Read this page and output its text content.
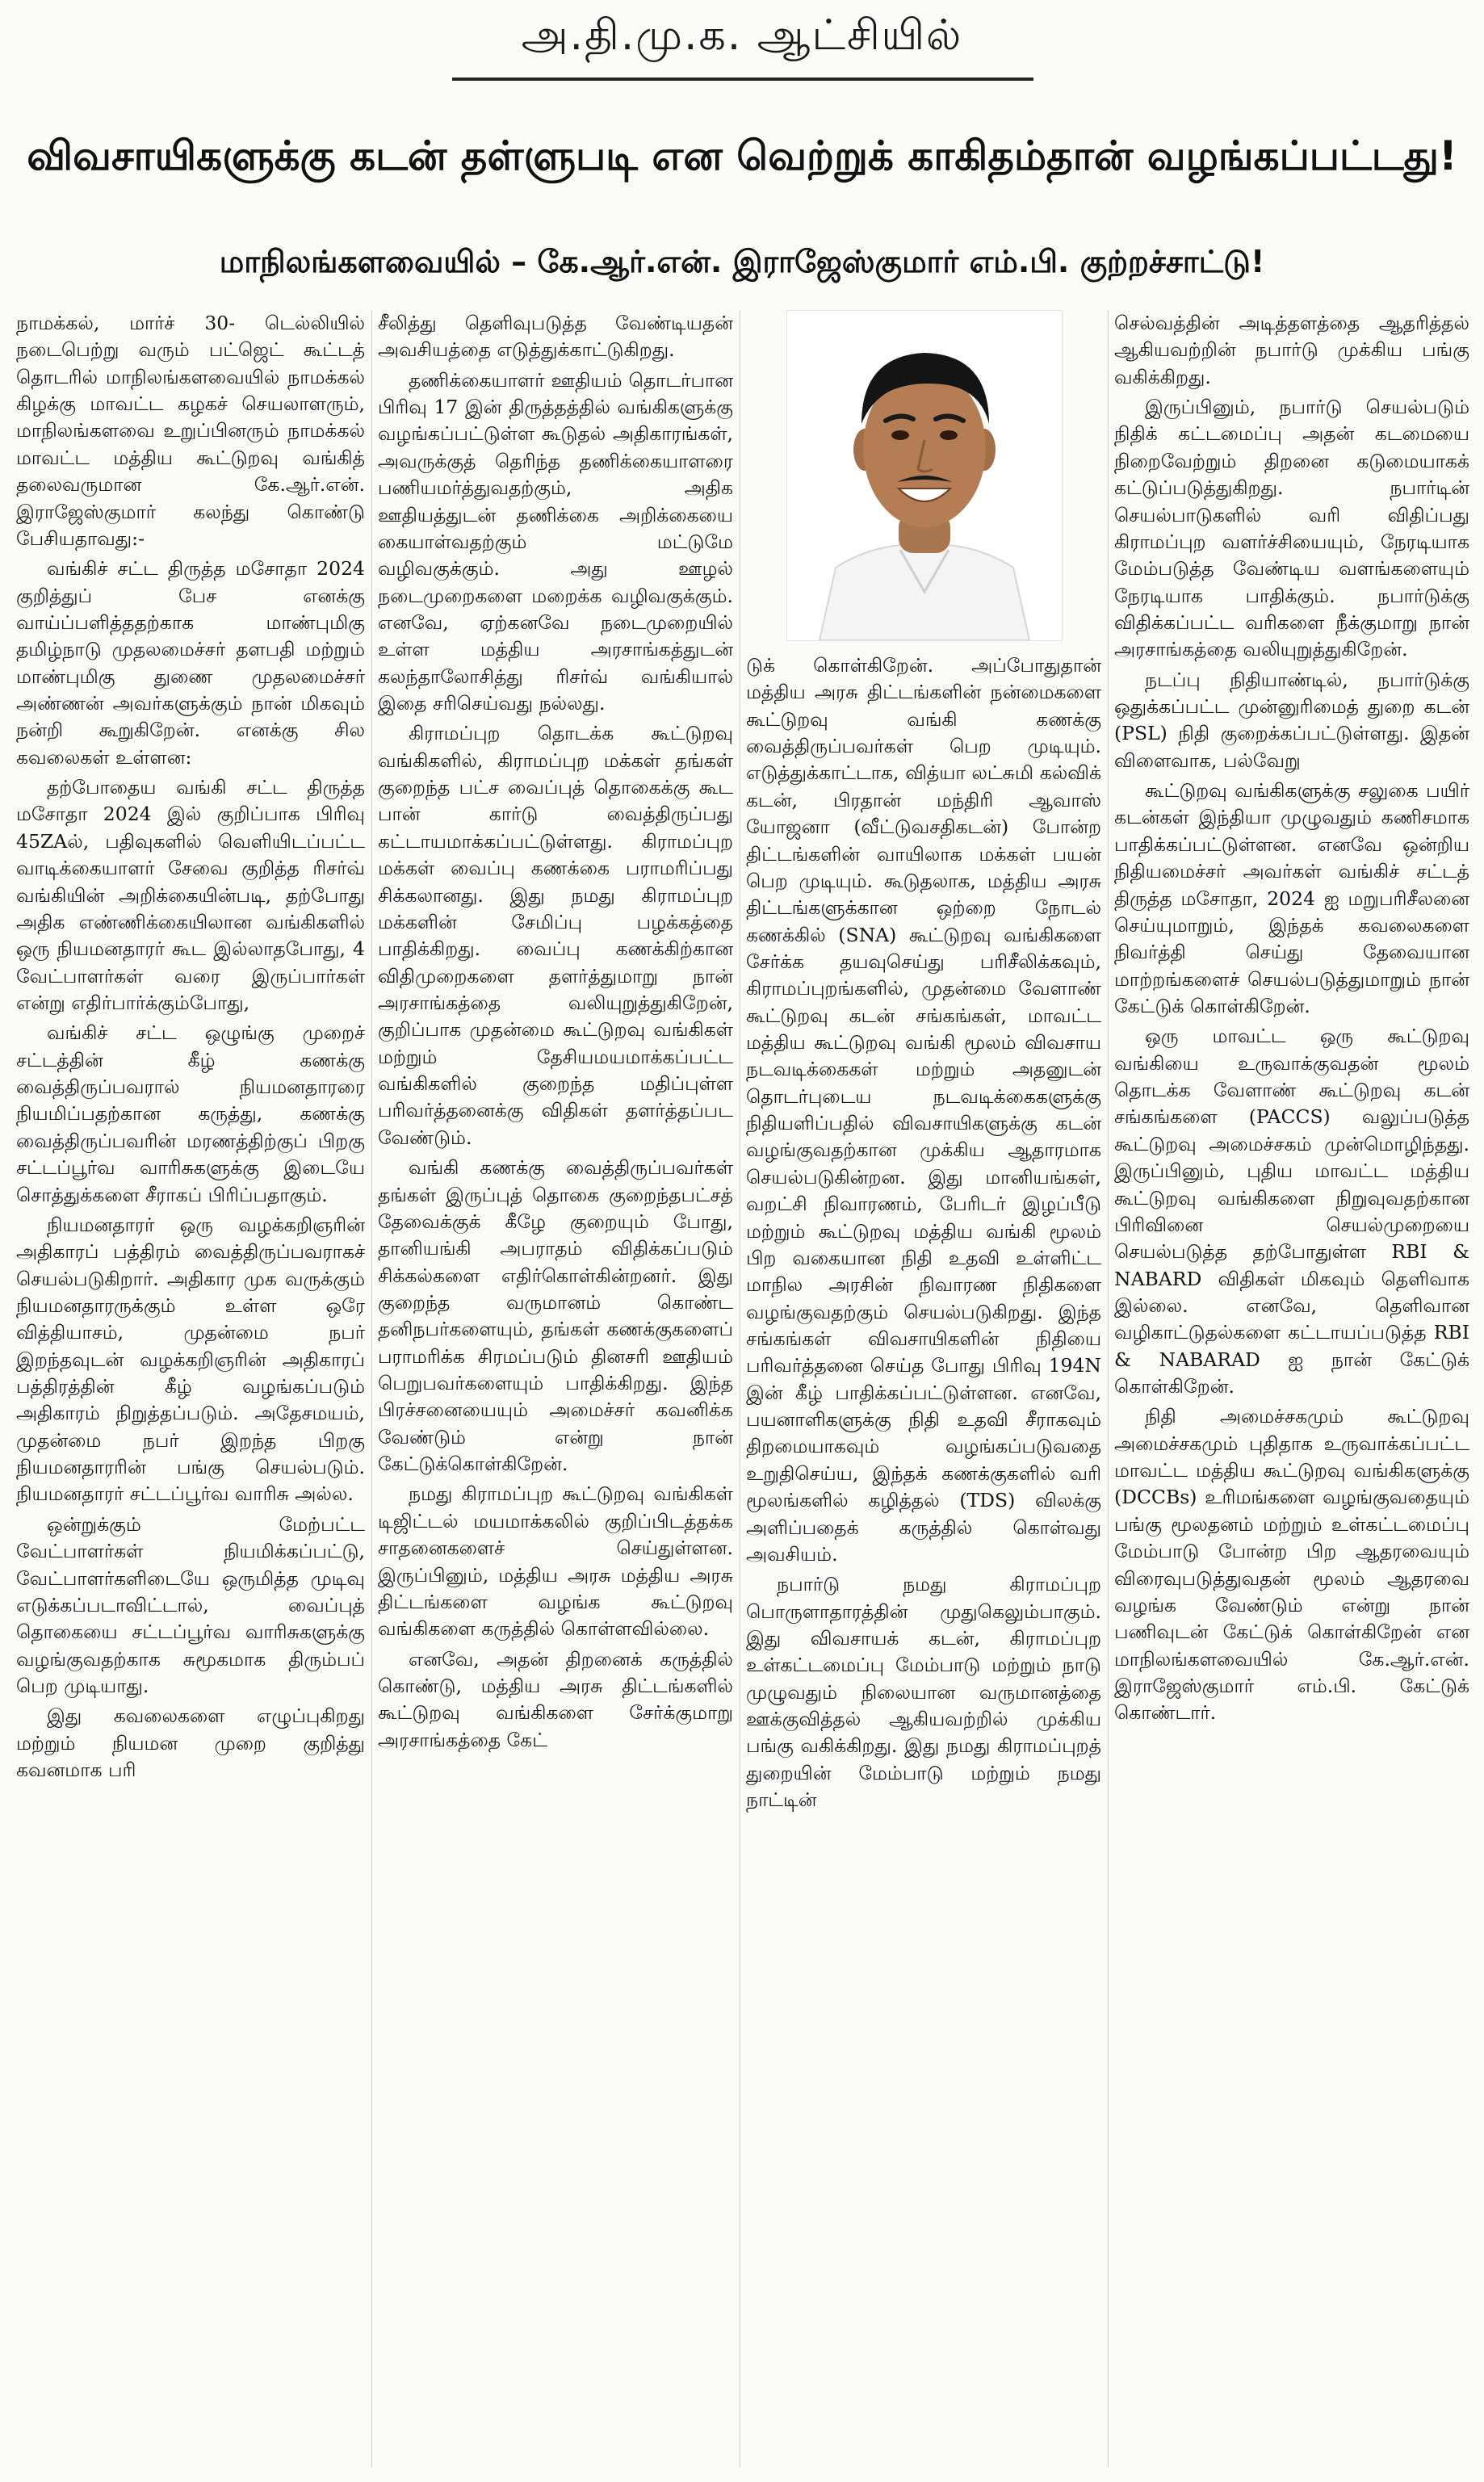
அ.தி.மு.க. ஆட்சியில்
விவசாயிகளுக்கு கடன் தள்ளுபடி என வெற்றுக் காகிதம்தான் வழங்கப்பட்டது!
மாநிலங்களவையில் – கே.ஆர்.என். இராஜேஸ்குமார் எம்.பி. குற்றச்சாட்டு!

நாமக்கல், மார்ச் 30- டெல்லியில் நடைபெற்று வரும் பட்ஜெட் கூட்டத் தொடரில் மாநிலங்களவையில் நாமக்கல் கிழக்கு மாவட்ட கழகச் செயலாளரும், மாநிலங்களவை உறுப்பினரும் நாமக்கல் மாவட்ட மத்திய கூட்டுறவு வங்கித் தலைவருமான கே.ஆர்.என். இராஜேஸ்குமார் கலந்து கொண்டு பேசியதாவது:-

வங்கிச் சட்ட திருத்த மசோதா 2024 குறித்துப் பேச எனக்கு வாய்ப்பளித்ததற்காக மாண்புமிகு தமிழ்நாடு முதலமைச்சர் தளபதி மற்றும் மாண்புமிகு துணை முதலமைச்சர் அண்ணன் அவர்களுக்கும் நான் மிகவும் நன்றி கூறுகிறேன். எனக்கு சில கவலைகள் உள்ளன:

தற்போதைய வங்கி சட்ட திருத்த மசோதா 2024 இல் குறிப்பாக பிரிவு 45ZAல், பதிவுகளில் வெளியிடப்பட்ட வாடிக்கையாளர் சேவை குறித்த ரிசர்வ் வங்கியின் அறிக்கையின்படி, தற்போது அதிக எண்ணிக்கையிலான வங்கிகளில் ஒரு நியமனதாரர் கூட இல்லாதபோது, 4 வேட்பாளர்கள் வரை இருப்பார்கள் என்று எதிர்பார்க்கும்போது,

வங்கிச் சட்ட ஒழுங்கு முறைச் சட்டத்தின் கீழ் கணக்கு வைத்திருப்பவரால் நியமனதாரரை நியமிப்பதற்கான கருத்து, கணக்கு வைத்திருப்பவரின் மரணத்திற்குப் பிறகு சட்டப்பூர்வ வாரிசுகளுக்கு இடையே சொத்துக்களை சீராகப் பிரிப்பதாகும்.

நியமனதாரர் ஒரு வழக்கறிஞரின் அதிகாரப் பத்திரம் வைத்திருப்பவராகச் செயல்படுகிறார். அதிகார முக வருக்கும் நியமனதாரருக்கும் உள்ள ஒரே வித்தியாசம், முதன்மை நபர் இறந்தவுடன் வழக்கறிஞரின் அதிகாரப் பத்திரத்தின் கீழ் வழங்கப்படும் அதிகாரம் நிறுத்தப்படும். அதேசமயம், முதன்மை நபர் இறந்த பிறகு நியமனதாரரின் பங்கு செயல்படும். நியமனதாரர் சட்டப்பூர்வ வாரிசு அல்ல.

ஒன்றுக்கும் மேற்பட்ட வேட்பாளர்கள் நியமிக்கப்பட்டு, வேட்பாளர்களிடையே ஒருமித்த முடிவு எடுக்கப்படாவிட்டால், வைப்புத் தொகையை சட்டப்பூர்வ வாரிசுகளுக்கு வழங்குவதற்காக சுமூகமாக திரும்பப் பெற முடியாது.

இது கவலைகளை எழுப்புகிறது மற்றும் நியமன முறை குறித்து கவனமாக பரி

சீலித்து தெளிவுபடுத்த வேண்டியதன் அவசியத்தை எடுத்துக்காட்டுகிறது.

தணிக்கையாளர் ஊதியம் தொடர்பான பிரிவு 17 இன் திருத்தத்தில் வங்கிகளுக்கு வழங்கப்பட்டுள்ள கூடுதல் அதிகாரங்கள், அவருக்குத் தெரிந்த தணிக்கையாளரை பணியமர்த்துவதற்கும், அதிக ஊதியத்துடன் தணிக்கை அறிக்கையை கையாள்வதற்கும் மட்டுமே வழிவகுக்கும். அது ஊழல் நடைமுறைகளை மறைக்க வழிவகுக்கும். எனவே, ஏற்கனவே நடைமுறையில் உள்ள மத்திய அரசாங்கத்துடன் கலந்தாலோசித்து ரிசர்வ் வங்கியால் இதை சரிசெய்வது நல்லது.

கிராமப்புற தொடக்க கூட்டுறவு வங்கிகளில், கிராமப்புற மக்கள் தங்கள் குறைந்த பட்ச வைப்புத் தொகைக்கு கூட பான் கார்டு வைத்திருப்பது கட்டாயமாக்கப்பட்டுள்ளது. கிராமப்புற மக்கள் வைப்பு கணக்கை பராமரிப்பது சிக்கலானது. இது நமது கிராமப்புற மக்களின் சேமிப்பு பழக்கத்தை பாதிக்கிறது. வைப்பு கணக்கிற்கான விதிமுறைகளை தளர்த்துமாறு நான் அரசாங்கத்தை வலியுறுத்துகிறேன், குறிப்பாக முதன்மை கூட்டுறவு வங்கிகள் மற்றும் தேசியமயமாக்கப்பட்ட வங்கிகளில் குறைந்த மதிப்புள்ள பரிவர்த்தனைக்கு விதிகள் தளர்த்தப்பட வேண்டும்.

வங்கி கணக்கு வைத்திருப்பவர்கள் தங்கள் இருப்புத் தொகை குறைந்தபட்சத் தேவைக்குக் கீழே குறையும் போது, தானியங்கி அபராதம் விதிக்கப்படும் சிக்கல்களை எதிர்கொள்கின்றனர். இது குறைந்த வருமானம் கொண்ட தனிநபர்களையும், தங்கள் கணக்குகளைப் பராமரிக்க சிரமப்படும் தினசரி ஊதியம் பெறுபவர்களையும் பாதிக்கிறது. இந்த பிரச்சனையையும் அமைச்சர் கவனிக்க வேண்டும் என்று நான் கேட்டுக்கொள்கிறேன்.

நமது கிராமப்புற கூட்டுறவு வங்கிகள் டிஜிட்டல் மயமாக்கலில் குறிப்பிடத்தக்க சாதனைகளைச் செய்துள்ளன. இருப்பினும், மத்திய அரசு மத்திய அரசு திட்டங்களை வழங்க கூட்டுறவு வங்கிகளை கருத்தில் கொள்ளவில்லை.

எனவே, அதன் திறனைக் கருத்தில் கொண்டு, மத்திய அரசு திட்டங்களில் கூட்டுறவு வங்கிகளை சேர்க்குமாறு அரசாங்கத்தை கேட்

டுக் கொள்கிறேன். அப்போதுதான் மத்திய அரசு திட்டங்களின் நன்மைகளை கூட்டுறவு வங்கி கணக்கு வைத்திருப்பவர்கள் பெற முடியும். எடுத்துக்காட்டாக, வித்யா லட்சுமி கல்விக் கடன், பிரதான் மந்திரி ஆவாஸ் யோஜனா (வீட்டுவசதிகடன்) போன்ற திட்டங்களின் வாயிலாக மக்கள் பயன் பெற முடியும். கூடுதலாக, மத்திய அரசு திட்டங்களுக்கான ஒற்றை நோடல் கணக்கில் (SNA) கூட்டுறவு வங்கிகளை சேர்க்க தயவுசெய்து பரிசீலிக்கவும், கிராமப்புறங்களில், முதன்மை வேளாண் கூட்டுறவு கடன் சங்கங்கள், மாவட்ட மத்திய கூட்டுறவு வங்கி மூலம் விவசாய நடவடிக்கைகள் மற்றும் அதனுடன் தொடர்புடைய நடவடிக்கைகளுக்கு நிதியளிப்பதில் விவசாயிகளுக்கு கடன் வழங்குவதற்கான முக்கிய ஆதாரமாக செயல்படுகின்றன. இது மானியங்கள், வறட்சி நிவாரணம், பேரிடர் இழப்பீடு மற்றும் கூட்டுறவு மத்திய வங்கி மூலம் பிற வகையான நிதி உதவி உள்ளிட்ட மாநில அரசின் நிவாரண நிதிகளை வழங்குவதற்கும் செயல்படுகிறது. இந்த சங்கங்கள் விவசாயிகளின் நிதியை பரிவர்த்தனை செய்த போது பிரிவு 194N இன் கீழ் பாதிக்கப்பட்டுள்ளன. எனவே, பயனாளிகளுக்கு நிதி உதவி சீராகவும் திறமையாகவும் வழங்கப்படுவதை உறுதிசெய்ய, இந்தக் கணக்குகளில் வரி மூலங்களில் கழித்தல் (TDS) விலக்கு அளிப்பதைக் கருத்தில் கொள்வது அவசியம்.

நபார்டு நமது கிராமப்புற பொருளாதாரத்தின் முதுகெலும்பாகும். இது விவசாயக் கடன், கிராமப்புற உள்கட்டமைப்பு மேம்பாடு மற்றும் நாடு முழுவதும் நிலையான வருமானத்தை ஊக்குவித்தல் ஆகியவற்றில் முக்கிய பங்கு வகிக்கிறது. இது நமது கிராமப்புறத் துறையின் மேம்பாடு மற்றும் நமது நாட்டின்

செல்வத்தின் அடித்தளத்தை ஆதரித்தல் ஆகியவற்றின் நபார்டு முக்கிய பங்கு வகிக்கிறது.

இருப்பினும், நபார்டு செயல்படும் நிதிக் கட்டமைப்பு அதன் கடமையை நிறைவேற்றும் திறனை கடுமையாகக் கட்டுப்படுத்துகிறது. நபார்டின் செயல்பாடுகளில் வரி விதிப்பது கிராமப்புற வளர்ச்சியையும், நேரடியாக மேம்படுத்த வேண்டிய வளங்களையும் நேரடியாக பாதிக்கும். நபார்டுக்கு விதிக்கப்பட்ட வரிகளை நீக்குமாறு நான் அரசாங்கத்தை வலியுறுத்துகிறேன்.

நடப்பு நிதியாண்டில், நபார்டுக்கு ஒதுக்கப்பட்ட முன்னுரிமைத் துறை கடன் (PSL) நிதி குறைக்கப்பட்டுள்ளது. இதன் விளைவாக, பல்வேறு

கூட்டுறவு வங்கிகளுக்கு சலுகை பயிர் கடன்கள் இந்தியா முழுவதும் கணிசமாக பாதிக்கப்பட்டுள்ளன. எனவே ஒன்றிய நிதியமைச்சர் அவர்கள் வங்கிச் சட்டத் திருத்த மசோதா, 2024 ஐ மறுபரிசீலனை செய்யுமாறும், இந்தக் கவலைகளை நிவர்த்தி செய்து தேவையான மாற்றங்களைச் செயல்படுத்துமாறும் நான் கேட்டுக் கொள்கிறேன்.

ஒரு மாவட்ட ஒரு கூட்டுறவு வங்கியை உருவாக்குவதன் மூலம் தொடக்க வேளாண் கூட்டுறவு கடன் சங்கங்களை (PACCS) வலுப்படுத்த கூட்டுறவு அமைச்சகம் முன்மொழிந்தது. இருப்பினும், புதிய மாவட்ட மத்திய கூட்டுறவு வங்கிகளை நிறுவுவதற்கான பிரிவினை செயல்முறையை செயல்படுத்த தற்போதுள்ள RBI & NABARD விதிகள் மிகவும் தெளிவாக இல்லை. எனவே, தெளிவான வழிகாட்டுதல்களை கட்டாயப்படுத்த RBI & NABARAD ஐ நான் கேட்டுக் கொள்கிறேன்.

நிதி அமைச்சகமும் கூட்டுறவு அமைச்சகமும் புதிதாக உருவாக்கப்பட்ட மாவட்ட மத்திய கூட்டுறவு வங்கிகளுக்கு (DCCBs) உரிமங்களை வழங்குவதையும் பங்கு மூலதனம் மற்றும் உள்கட்டமைப்பு மேம்பாடு போன்ற பிற ஆதரவையும் விரைவுபடுத்துவதன் மூலம் ஆதரவை வழங்க வேண்டும் என்று நான் பணிவுடன் கேட்டுக் கொள்கிறேன் என மாநிலங்களவையில் கே.ஆர்.என். இராஜேஸ்குமார் எம்.பி. கேட்டுக் கொண்டார்.
